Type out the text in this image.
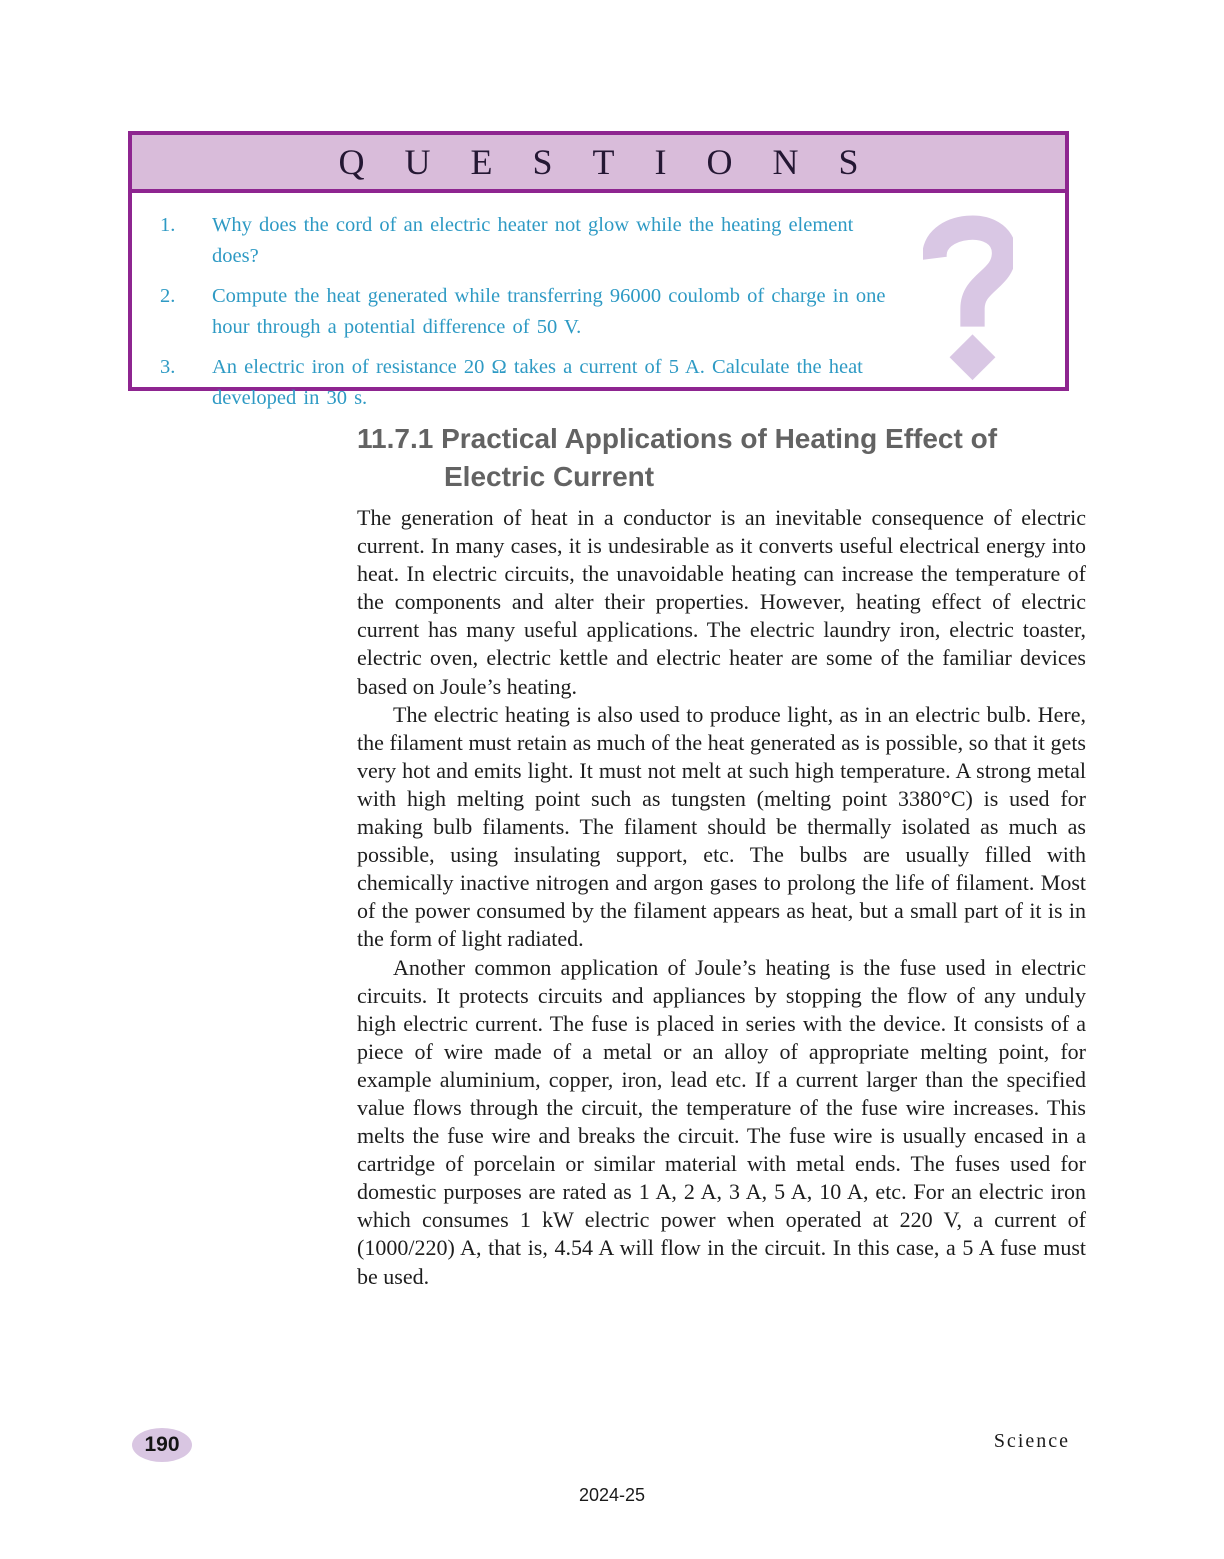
QUESTIONS
1.	Why does the cord of an electric heater not glow while the heating element does?
2.	Compute the heat generated while transferring 96000 coulomb of charge in one hour through a potential difference of 50 V.
3.	An electric iron of resistance 20 Ω takes a current of 5 A. Calculate the heat developed in 30 s.
11.7.1 Practical Applications of Heating Effect of
Electric Current

The generation of heat in a conductor is an inevitable consequence of electric current. In many cases, it is undesirable as it converts useful electrical energy into heat. In electric circuits, the unavoidable heating can increase the temperature of the components and alter their properties. However, heating effect of electric current has many useful applications. The electric laundry iron, electric toaster, electric oven, electric kettle and electric heater are some of the familiar devices based on Joule’s heating.

The electric heating is also used to produce light, as in an electric bulb. Here, the filament must retain as much of the heat generated as is possible, so that it gets very hot and emits light. It must not melt at such high temperature. A strong metal with high melting point such as tungsten (melting point 3380°C) is used for making bulb filaments. The filament should be thermally isolated as much as possible, using insulating support, etc. The bulbs are usually filled with chemically inactive nitrogen and argon gases to prolong the life of filament. Most of the power consumed by the filament appears as heat, but a small part of it is in the form of light radiated.

Another common application of Joule’s heating is the fuse used in electric circuits. It protects circuits and appliances by stopping the flow of any unduly high electric current. The fuse is placed in series with the device. It consists of a piece of wire made of a metal or an alloy of appropriate melting point, for example aluminium, copper, iron, lead etc. If a current larger than the specified value flows through the circuit, the temperature of the fuse wire increases. This melts the fuse wire and breaks the circuit. The fuse wire is usually encased in a cartridge of porcelain or similar material with metal ends. The fuses used for domestic purposes are rated as 1 A, 2 A, 3 A, 5 A, 10 A, etc. For an electric iron which consumes 1 kW electric power when operated at 220 V, a current of (1000/220) A, that is, 4.54 A will flow in the circuit. In this case, a 5 A fuse must be used.

190	Science
2024-25
